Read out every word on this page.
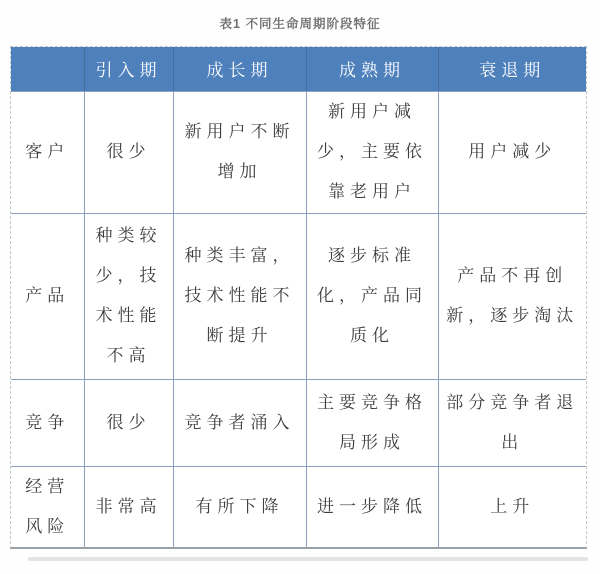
表1 不同生命周期阶段特征
	引入期	成长期	成熟期	衰退期
客户	很少	新用户不断增加	新用户减少，主要依靠老用户	用户减少
产品	种类较少，技术性能不高	种类丰富，技术性能不断提升	逐步标准化，产品同质化	产品不再创新，逐步淘汰
竞争	很少	竞争者涌入	主要竞争格局形成	部分竞争者退出
经营风险	非常高	有所下降	进一步降低	上升
